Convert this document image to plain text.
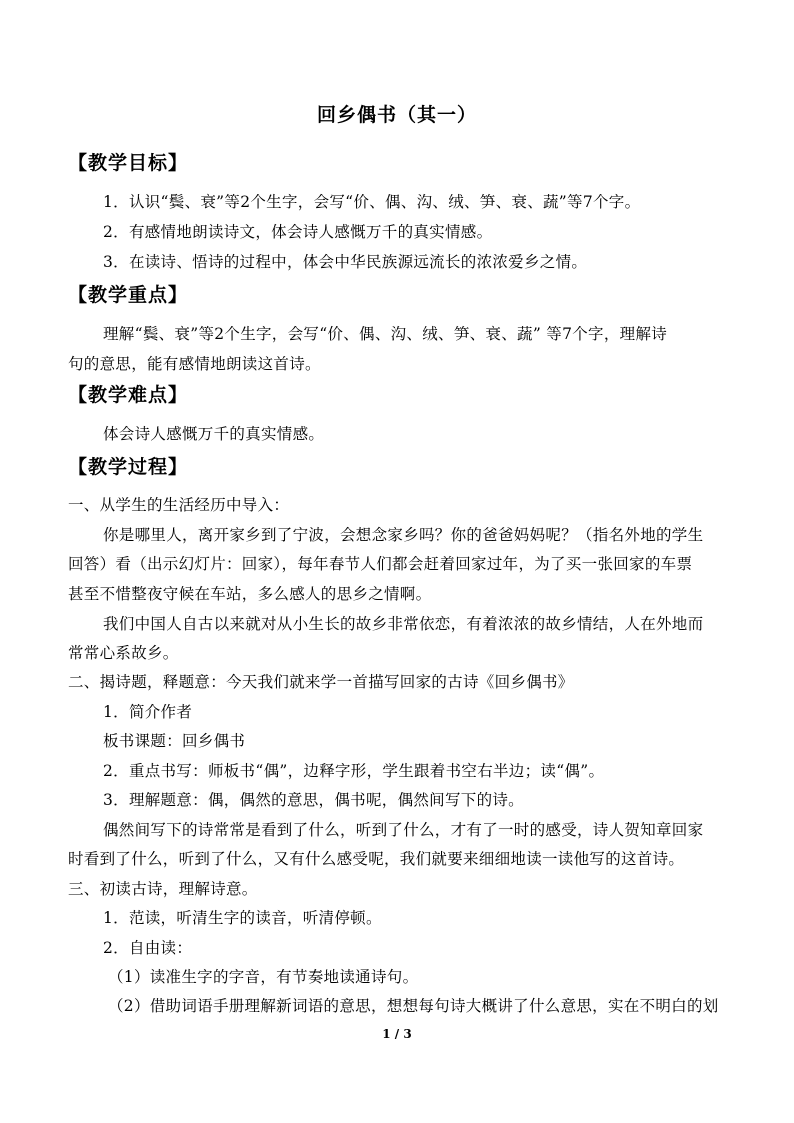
回乡偶书（其一）
【教学目标】
1．认识“鬓、衰”等2个生字，会写“价、偶、沟、绒、笋、衰、蔬”等7个字。
2．有感情地朗读诗文，体会诗人感慨万千的真实情感。
3．在读诗、悟诗的过程中，体会中华民族源远流长的浓浓爱乡之情。
【教学重点】
理解“鬓、衰”等2个生字，会写“价、偶、沟、绒、笋、衰、蔬” 等7个字，理解诗
句的意思，能有感情地朗读这首诗。
【教学难点】
体会诗人感慨万千的真实情感。
【教学过程】
一、从学生的生活经历中导入：
你是哪里人，离开家乡到了宁波，会想念家乡吗？你的爸爸妈妈呢？（指名外地的学生
回答）看（出示幻灯片：回家），每年春节人们都会赶着回家过年，为了买一张回家的车票
甚至不惜整夜守候在车站，多么感人的思乡之情啊。
我们中国人自古以来就对从小生长的故乡非常依恋，有着浓浓的故乡情结，人在外地而
常常心系故乡。
二、揭诗题，释题意：今天我们就来学一首描写回家的古诗《回乡偶书》
1．简介作者
板书课题：回乡偶书
2．重点书写：师板书“偶”，边释字形，学生跟着书空右半边；读“偶”。
3．理解题意：偶，偶然的意思，偶书呢，偶然间写下的诗。
偶然间写下的诗常常是看到了什么，听到了什么，才有了一时的感受，诗人贺知章回家
时看到了什么，听到了什么，又有什么感受呢，我们就要来细细地读一读他写的这首诗。
三、初读古诗，理解诗意。
1．范读，听清生字的读音，听清停顿。
2．自由读：
（1）读准生字的字音，有节奏地读通诗句。
（2）借助词语手册理解新词语的意思，想想每句诗大概讲了什么意思，实在不明白的划
1 / 3
